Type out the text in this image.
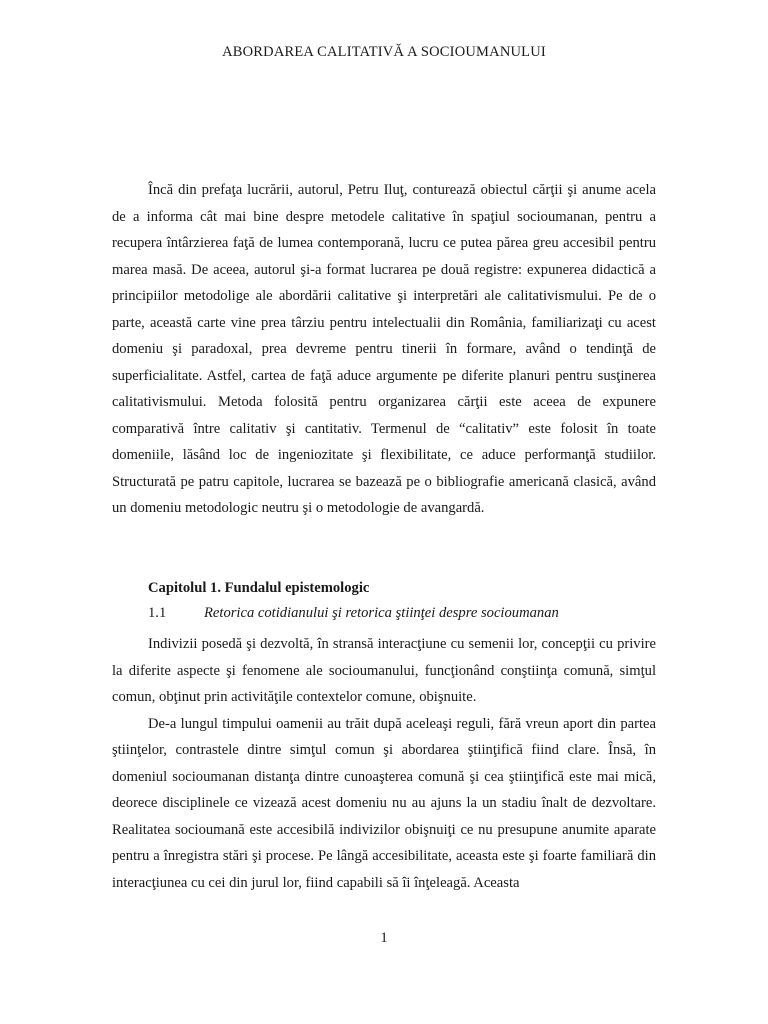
ABORDAREA CALITATIVĂ A SOCIOUMANULUI

Încă din prefaţa lucrării, autorul, Petru Iluţ, conturează obiectul cărţii şi anume acela de a informa cât mai bine despre metodele calitative în spaţiul socioumanan, pentru a recupera întârzierea faţă de lumea contemporană, lucru ce putea părea greu accesibil pentru marea masă. De aceea, autorul şi-a format lucrarea pe două registre: expunerea didactică a principiilor metodolige ale abordării calitative şi interpretări ale calitativismului. Pe de o parte, această carte vine prea târziu pentru intelectualii din România, familiarizaţi cu acest domeniu şi paradoxal, prea devreme pentru tinerii în formare, având o tendinţă de superficialitate. Astfel, cartea de faţă aduce argumente pe diferite planuri pentru susţinerea calitativismului. Metoda folosită pentru organizarea cărţii este aceea de expunere comparativă între calitativ şi cantitativ. Termenul de “calitativ” este folosit în toate domeniile, lăsând loc de ingeniozitate şi flexibilitate, ce aduce performanţă studiilor. Structurată pe patru capitole, lucrarea se bazează pe o bibliografie americană clasică, având un domeniu metodologic neutru şi o metodologie de avangardă.

Capitolul 1. Fundalul epistemologic
1.1	Retorica cotidianului şi retorica ştiinţei despre socioumanan

Indivizii posedă şi dezvoltă, în stransă interacţiune cu semenii lor, concepţii cu privire la diferite aspecte şi fenomene ale socioumanului, funcţionând conştiinţa comună, simţul comun, obţinut prin activităţile contextelor comune, obişnuite.

De-a lungul timpului oamenii au trăit după aceleaşi reguli, fără vreun aport din partea ştiinţelor, contrastele dintre simţul comun şi abordarea ştiinţifică fiind clare. Însă, în domeniul socioumanan distanţa dintre cunoaşterea comună şi cea ştiinţifică este mai mică, deorece disciplinele ce vizează acest domeniu nu au ajuns la un stadiu înalt de dezvoltare. Realitatea socioumană este accesibilă indivizilor obişnuiţi ce nu presupune anumite aparate pentru a înregistra stări şi procese. Pe lângă accesibilitate, aceasta este şi foarte familiară din interacţiunea cu cei din jurul lor, fiind capabili să îi înţeleagă. Aceasta

1
